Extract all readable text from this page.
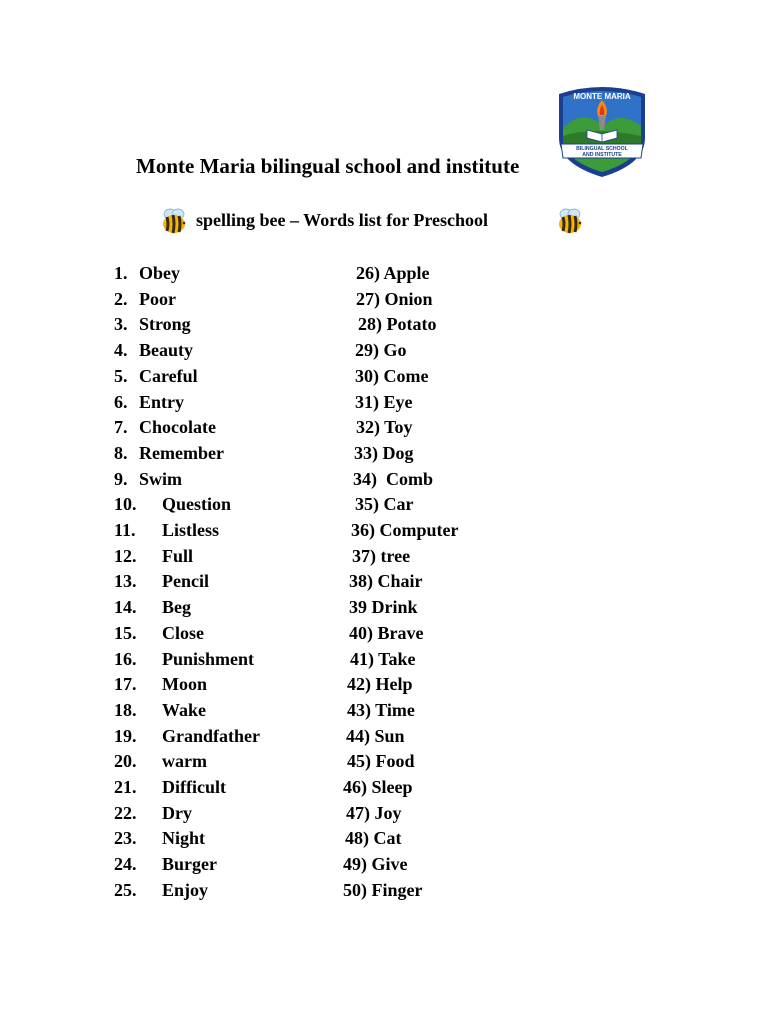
Monte Maria bilingual school and institute
BILINGUAL SCHOOL
AND INSTITUTE
MONTE MARIA
spelling bee – Words list for Preschool
1. Obey
2. Poor
3. Strong
4. Beauty
5. Careful
6. Entry
7. Chocolate
8. Remember
9. Swim
10. Question
11. Listless
12. Full
13. Pencil
14. Beg
15. Close
16. Punishment
17. Moon
18. Wake
19. Grandfather
20. warm
21. Difficult
22. Dry
23. Night
24. Burger
25. Enjoy
26) Apple
27) Onion
28) Potato
29) Go
30) Come
31) Eye
32) Toy
33) Dog
34)  Comb
35) Car
36) Computer
37) tree
38) Chair
39 Drink
40) Brave
41) Take
42) Help
43) Time
44) Sun
45) Food
46) Sleep
47) Joy
48) Cat
49) Give
50) Finger
